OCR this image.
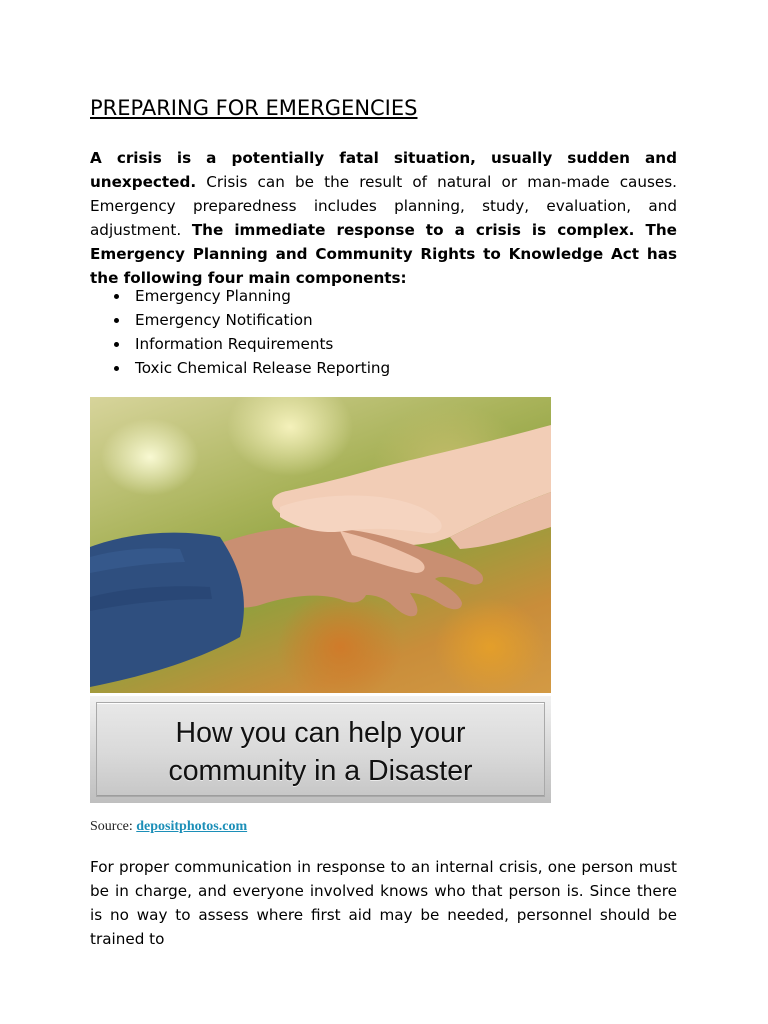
PREPARING FOR EMERGENCIES

A crisis is a potentially fatal situation, usually sudden and unexpected. Crisis can be the result of natural or man-made causes. Emergency preparedness includes planning, study, evaluation, and adjustment. The immediate response to a crisis is complex. The Emergency Planning and Community Rights to Knowledge Act has the following four main components:

Emergency Planning
Emergency Notification
Information Requirements
Toxic Chemical Release Reporting
How you can help your
community in a Disaster
Source: depositphotos.com

For proper communication in response to an internal crisis, one person must be in charge, and everyone involved knows who that person is. Since there is no way to assess where first aid may be needed, personnel should be trained to
